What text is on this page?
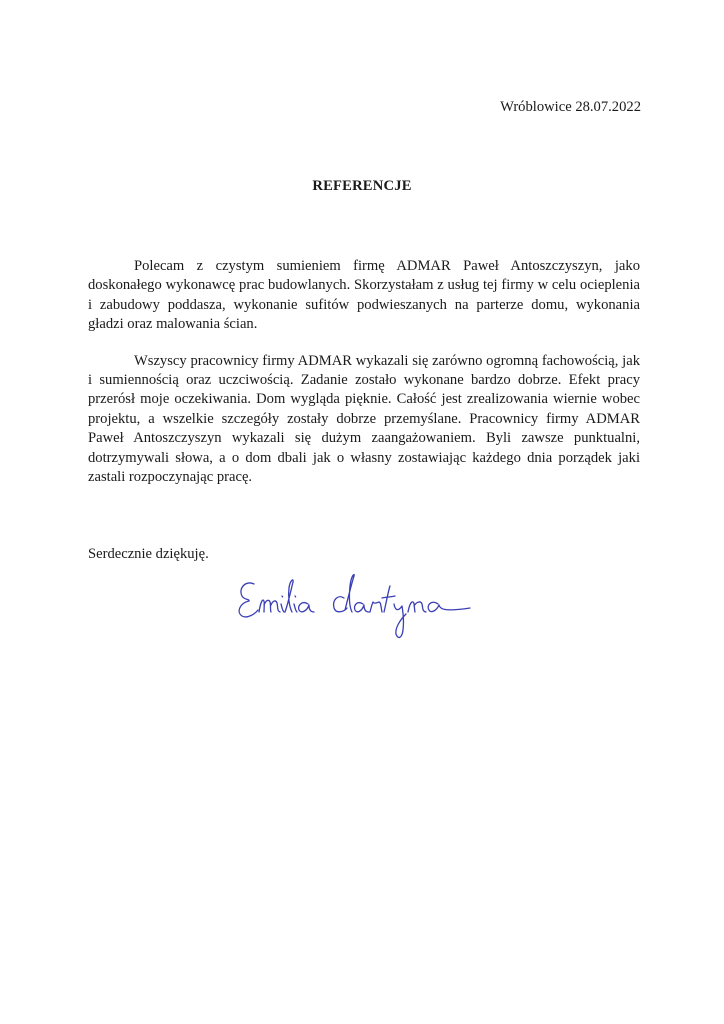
Wróblowice 28.07.2022
REFERENCJE

Polecam z czystym sumieniem firmę ADMAR Paweł Antoszczyszyn, jako doskonałego wykonawcę prac budowlanych. Skorzystałam z usług tej firmy w celu ocieplenia i zabudowy poddasza, wykonanie sufitów podwieszanych na parterze domu, wykonania gładzi oraz malowania ścian.

Wszyscy pracownicy firmy ADMAR wykazali się zarówno ogromną fachowością, jak i sumiennością oraz uczciwością. Zadanie zostało wykonane bardzo dobrze. Efekt pracy przerósł moje oczekiwania. Dom wygląda pięknie. Całość jest zrealizowania wiernie wobec projektu, a wszelkie szczegóły zostały dobrze przemyślane. Pracownicy firmy ADMAR Paweł Antoszczyszyn wykazali się dużym zaangażowaniem. Byli zawsze punktualni, dotrzymywali słowa, a o dom dbali jak o własny zostawiając każdego dnia porządek jaki zastali rozpoczynając pracę.

Serdecznie dziękuję.
